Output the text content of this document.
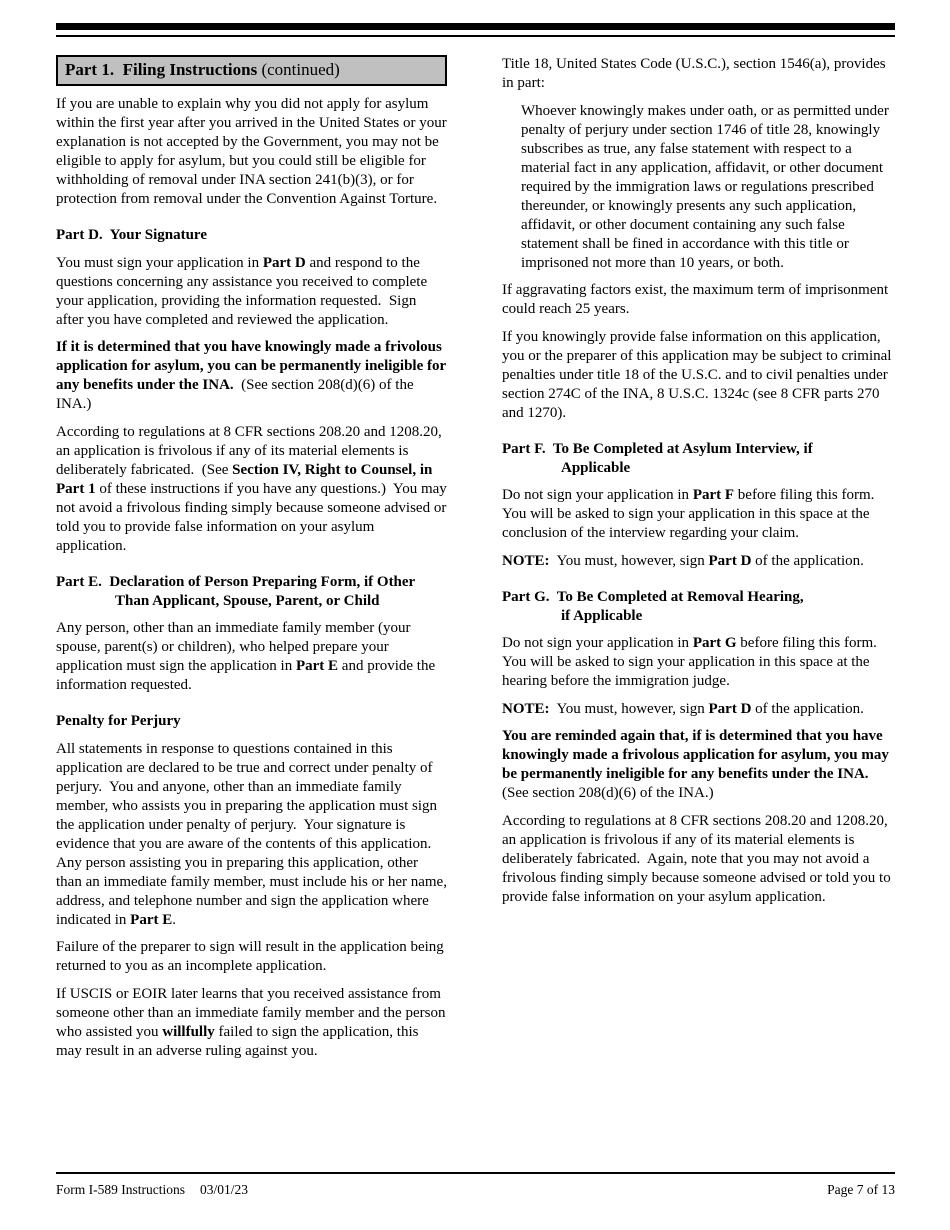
Part 1.  Filing Instructions (continued)

If you are unable to explain why you did not apply for asylum within the first year after you arrived in the United States or your explanation is not accepted by the Government, you may not be eligible to apply for asylum, but you could still be eligible for withholding of removal under INA section 241(b)(3), or for protection from removal under the Convention Against Torture.

Part D.  Your Signature

You must sign your application in Part D and respond to the questions concerning any assistance you received to complete your application, providing the information requested.  Sign after you have completed and reviewed the application.

If it is determined that you have knowingly made a frivolous application for asylum, you can be permanently ineligible for any benefits under the INA.  (See section 208(d)(6) of the INA.)

According to regulations at 8 CFR sections 208.20 and 1208.20, an application is frivolous if any of its material elements is deliberately fabricated.  (See Section IV, Right to Counsel, in Part 1 of these instructions if you have any questions.)  You may not avoid a frivolous finding simply because someone advised or told you to provide false information on your asylum application.

Part E.  Declaration of Person Preparing Form, if Other
Than Applicant, Spouse, Parent, or Child

Any person, other than an immediate family member (your spouse, parent(s) or children), who helped prepare your application must sign the application in Part E and provide the information requested.

Penalty for Perjury

All statements in response to questions contained in this application are declared to be true and correct under penalty of perjury.  You and anyone, other than an immediate family member, who assists you in preparing the application must sign the application under penalty of perjury.  Your signature is evidence that you are aware of the contents of this application.  Any person assisting you in preparing this application, other than an immediate family member, must include his or her name, address, and telephone number and sign the application where indicated in Part E.

Failure of the preparer to sign will result in the application being returned to you as an incomplete application.

If USCIS or EOIR later learns that you received assistance from someone other than an immediate family member and the person who assisted you willfully failed to sign the application, this may result in an adverse ruling against you.

Title 18, United States Code (U.S.C.), section 1546(a), provides in part:

Whoever knowingly makes under oath, or as permitted under penalty of perjury under section 1746 of title 28, knowingly subscribes as true, any false statement with respect to a material fact in any application, affidavit, or other document required by the immigration laws or regulations prescribed thereunder, or knowingly presents any such application, affidavit, or other document containing any such false statement shall be fined in accordance with this title or imprisoned not more than 10 years, or both.

If aggravating factors exist, the maximum term of imprisonment could reach 25 years.

If you knowingly provide false information on this application, you or the preparer of this application may be subject to criminal penalties under title 18 of the U.S.C. and to civil penalties under section 274C of the INA, 8 U.S.C. 1324c (see 8 CFR parts 270 and 1270).

Part F.  To Be Completed at Asylum Interview, if
Applicable

Do not sign your application in Part F before filing this form. You will be asked to sign your application in this space at the conclusion of the interview regarding your claim.

NOTE:  You must, however, sign Part D of the application.

Part G.  To Be Completed at Removal Hearing,
if Applicable

Do not sign your application in Part G before filing this form. You will be asked to sign your application in this space at the hearing before the immigration judge.

NOTE:  You must, however, sign Part D of the application.

You are reminded again that, if is determined that you have knowingly made a frivolous application for asylum, you may be permanently ineligible for any benefits under the INA.  (See section 208(d)(6) of the INA.)

According to regulations at 8 CFR sections 208.20 and 1208.20, an application is frivolous if any of its material elements is deliberately fabricated.  Again, note that you may not avoid a frivolous finding simply because someone advised or told you to provide false information on your asylum application.

Form I-589 Instructions 03/01/23	Page 7 of 13
